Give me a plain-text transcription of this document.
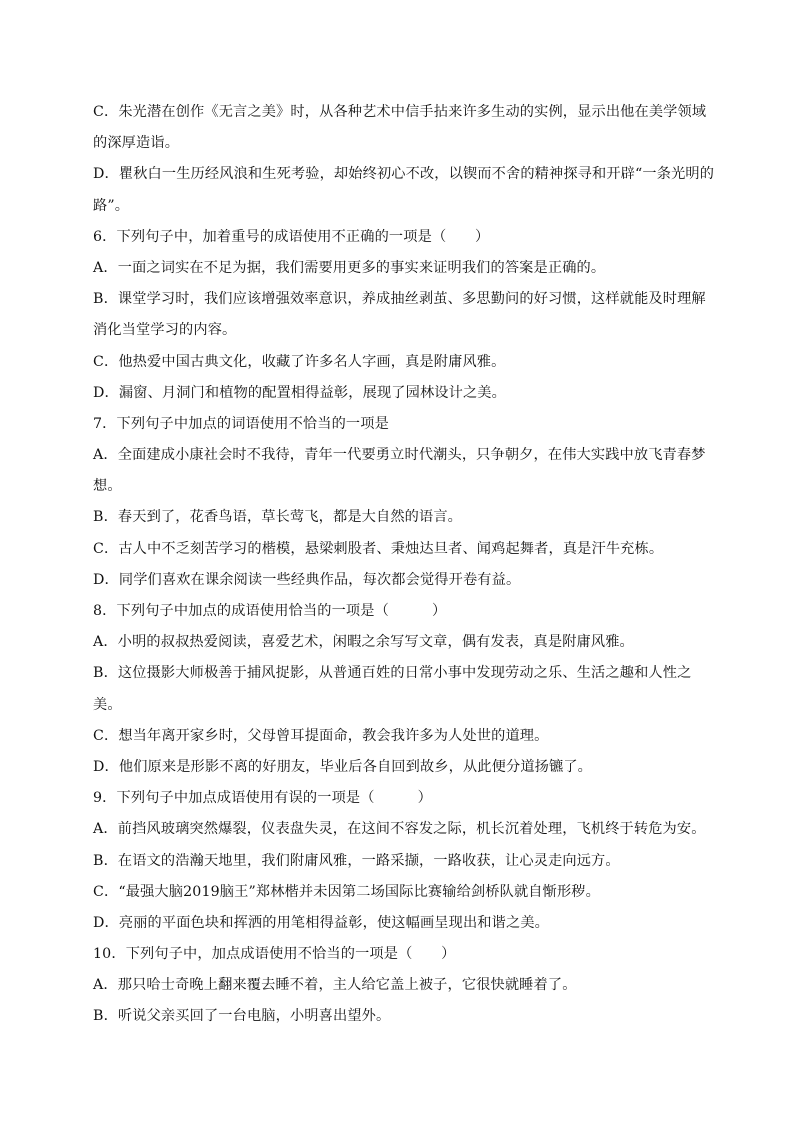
C．朱光潜在创作《无言之美》时，从各种艺术中信手拈来许多生动的实例，显示出他在美学领域
的深厚造诣。
D．瞿秋白一生历经风浪和生死考验，却始终初心不改，以锲而不舍的精神探寻和开辟“一条光明的
路”。
6．下列句子中，加着重号的成语使用不正确的一项是（　　）
A．一面之词实在不足为据，我们需要用更多的事实来证明我们的答案是正确的。
B．课堂学习时，我们应该增强效率意识，养成抽丝剥茧、多思勤问的好习惯，这样就能及时理解
消化当堂学习的内容。
C．他热爱中国古典文化，收藏了许多名人字画，真是附庸风雅。
D．漏窗、月洞门和植物的配置相得益彰，展现了园林设计之美。
7．下列句子中加点的词语使用不恰当的一项是
A．全面建成小康社会时不我待，青年一代要勇立时代潮头，只争朝夕，在伟大实践中放飞青春梦
想。
B．春天到了，花香鸟语，草长莺飞，都是大自然的语言。
C．古人中不乏刻苦学习的楷模，悬梁刺股者、秉烛达旦者、闻鸡起舞者，真是汗牛充栋。
D．同学们喜欢在课余阅读一些经典作品，每次都会觉得开卷有益。
8．下列句子中加点的成语使用恰当的一项是（　　　）
A．小明的叔叔热爱阅读，喜爱艺术，闲暇之余写写文章，偶有发表，真是附庸风雅。
B．这位摄影大师极善于捕风捉影，从普通百姓的日常小事中发现劳动之乐、生活之趣和人性之
美。
C．想当年离开家乡时，父母曾耳提面命，教会我许多为人处世的道理。
D．他们原来是形影不离的好朋友，毕业后各自回到故乡，从此便分道扬镳了。
9．下列句子中加点成语使用有误的一项是（　　　）
A．前挡风玻璃突然爆裂，仪表盘失灵，在这间不容发之际，机长沉着处理，飞机终于转危为安。
B．在语文的浩瀚天地里，我们附庸风雅，一路采撷，一路收获，让心灵走向远方。
C．“最强大脑2019脑王”郑林楷并未因第二场国际比赛输给剑桥队就自惭形秽。
D．亮丽的平面色块和挥洒的用笔相得益彰，使这幅画呈现出和谐之美。
10．下列句子中，加点成语使用不恰当的一项是（　　）
A．那只哈士奇晚上翻来覆去睡不着，主人给它盖上被子，它很快就睡着了。
B．听说父亲买回了一台电脑，小明喜出望外。
